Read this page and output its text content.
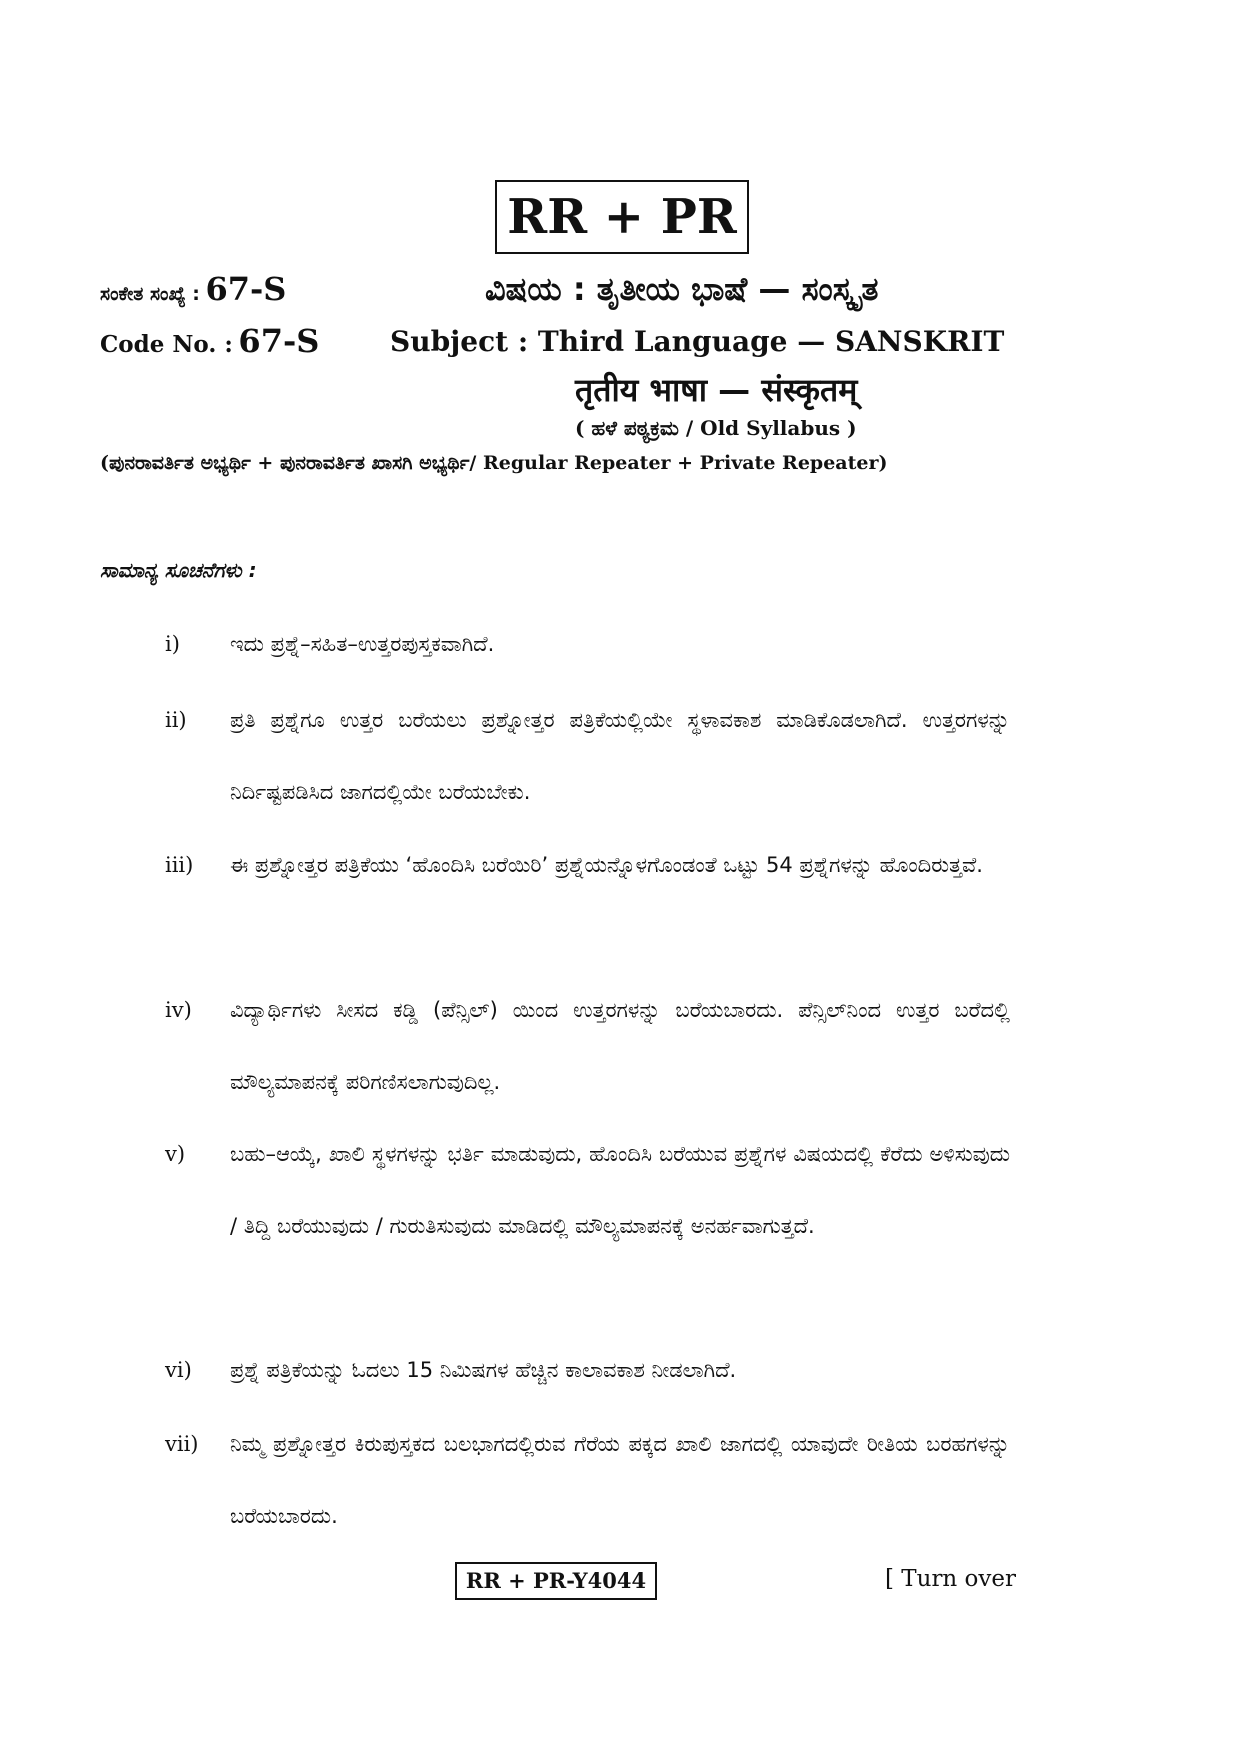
RR + PR
ಸಂಕೇತ ಸಂಖ್ಯೆ : 67-S	ವಿಷಯ : ತೃತೀಯ ಭಾಷೆ — ಸಂಸ್ಕೃತ
Code No. : 67-S	Subject : Third Language — SANSKRIT
तृतीय भाषा — संस्कृतम्
( ಹಳೆ ಪಠ್ಯಕ್ರಮ / Old Syllabus )
(ಪುನರಾವರ್ತಿತ ಅಭ್ಯರ್ಥಿ + ಪುನರಾವರ್ತಿತ ಖಾಸಗಿ ಅಭ್ಯರ್ಥಿ/ Regular Repeater + Private Repeater)
ಸಾಮಾನ್ಯ ಸೂಚನೆಗಳು :
i)	ಇದು ಪ್ರಶ್ನೆ–ಸಹಿತ–ಉತ್ತರಪುಸ್ತಕವಾಗಿದೆ.
ii)	ಪ್ರತಿ ಪ್ರಶ್ನೆಗೂ ಉತ್ತರ ಬರೆಯಲು ಪ್ರಶ್ನೋತ್ತರ ಪತ್ರಿಕೆಯಲ್ಲಿಯೇ ಸ್ಥಳಾವಕಾಶ ಮಾಡಿಕೊಡಲಾಗಿದೆ. ಉತ್ತರಗಳನ್ನು ನಿರ್ದಿಷ್ಟಪಡಿಸಿದ ಜಾಗದಲ್ಲಿಯೇ ಬರೆಯಬೇಕು.
iii)	ಈ ಪ್ರಶ್ನೋತ್ತರ ಪತ್ರಿಕೆಯು ‘ಹೊಂದಿಸಿ ಬರೆಯಿರಿ’ ಪ್ರಶ್ನೆಯನ್ನೊಳಗೊಂಡಂತೆ ಒಟ್ಟು 54 ಪ್ರಶ್ನೆಗಳನ್ನು ಹೊಂದಿರುತ್ತವೆ.
iv)	ವಿದ್ಯಾರ್ಥಿಗಳು ಸೀಸದ ಕಡ್ಡಿ (ಪೆನ್ಸಿಲ್) ಯಿಂದ ಉತ್ತರಗಳನ್ನು ಬರೆಯಬಾರದು. ಪೆನ್ಸಿಲ್‌ನಿಂದ ಉತ್ತರ ಬರೆದಲ್ಲಿ ಮೌಲ್ಯಮಾಪನಕ್ಕೆ ಪರಿಗಣಿಸಲಾಗುವುದಿಲ್ಲ.
v)	ಬಹು–ಆಯ್ಕೆ, ಖಾಲಿ ಸ್ಥಳಗಳನ್ನು ಭರ್ತಿ ಮಾಡುವುದು, ಹೊಂದಿಸಿ ಬರೆಯುವ ಪ್ರಶ್ನೆಗಳ ವಿಷಯದಲ್ಲಿ ಕೆರೆದು ಅಳಿಸುವುದು / ತಿದ್ದಿ ಬರೆಯುವುದು / ಗುರುತಿಸುವುದು ಮಾಡಿದಲ್ಲಿ ಮೌಲ್ಯಮಾಪನಕ್ಕೆ ಅನರ್ಹವಾಗುತ್ತದೆ.
vi)	ಪ್ರಶ್ನೆ ಪತ್ರಿಕೆಯನ್ನು ಓದಲು 15 ನಿಮಿಷಗಳ ಹೆಚ್ಚಿನ ಕಾಲಾವಕಾಶ ನೀಡಲಾಗಿದೆ.
vii)	ನಿಮ್ಮ ಪ್ರಶ್ನೋತ್ತರ ಕಿರುಪುಸ್ತಕದ ಬಲಭಾಗದಲ್ಲಿರುವ ಗೆರೆಯ ಪಕ್ಕದ ಖಾಲಿ ಜಾಗದಲ್ಲಿ ಯಾವುದೇ ರೀತಿಯ ಬರಹಗಳನ್ನು ಬರೆಯಬಾರದು.
RR + PR-Y4044	[ Turn over
